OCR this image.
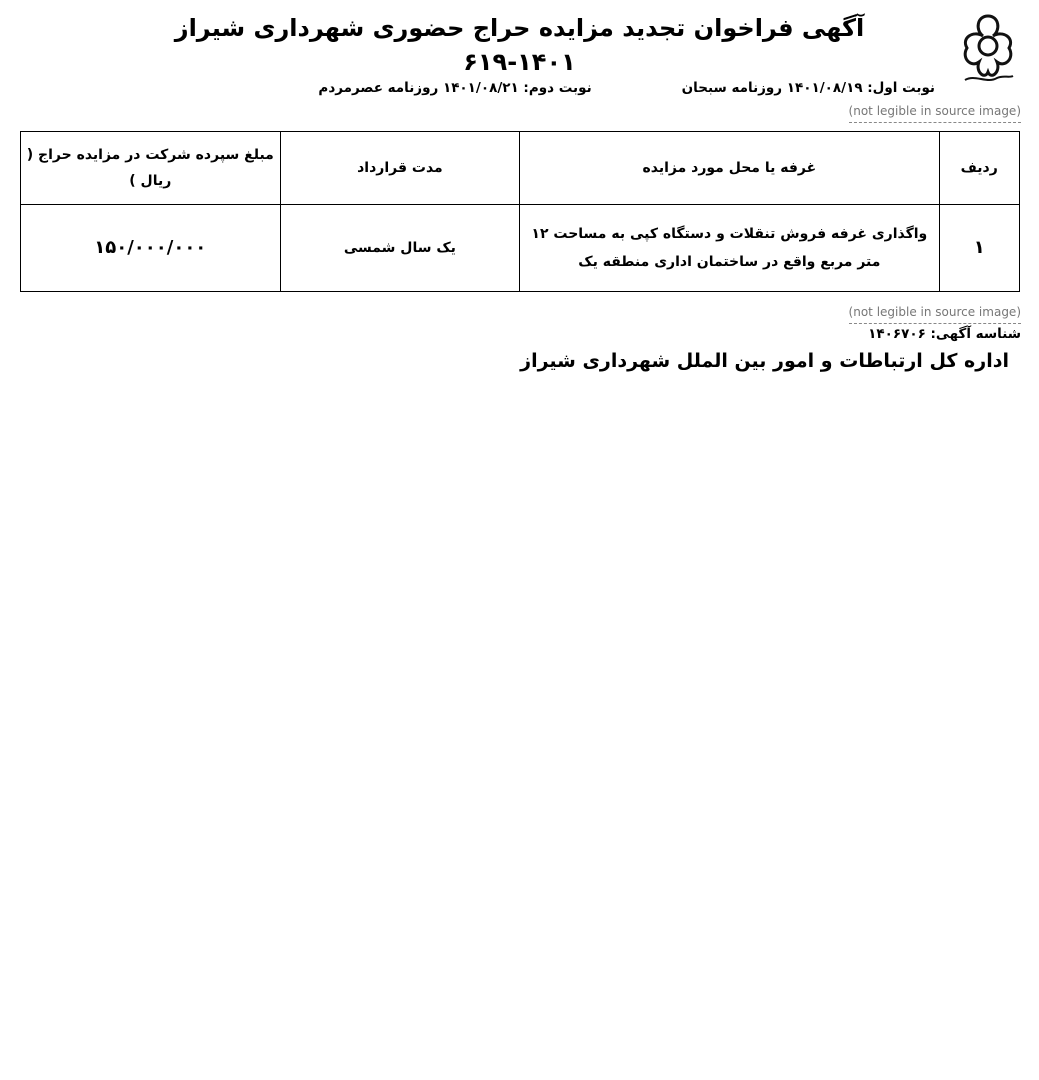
آگهی فراخوان تجدید مزایده حراج حضوری شهرداری شیراز
۶۱۹-۱۴۰۱
نوبت اول: ۱۴۰۱/۰۸/۱۹ روزنامه سبحان
نوبت دوم: ۱۴۰۱/۰۸/۲۱ روزنامه عصرمردم

(not legible in source image)

ردیف	غرفه یا محل مورد مزایده	مدت قرارداد	مبلغ سپرده شرکت در مزایده حراج ( ریال )
۱	واگذاری غرفه فروش تنقلات و دستگاه کپی به مساحت ۱۲ متر مربع واقع در ساختمان اداری منطقه یک	یک سال شمسی	۱۵۰/۰۰۰/۰۰۰

(not legible in source image)

شناسه آگهی: ۱۴۰۶۷۰۶
اداره کل ارتباطات و امور بین الملل شهرداری شیراز
